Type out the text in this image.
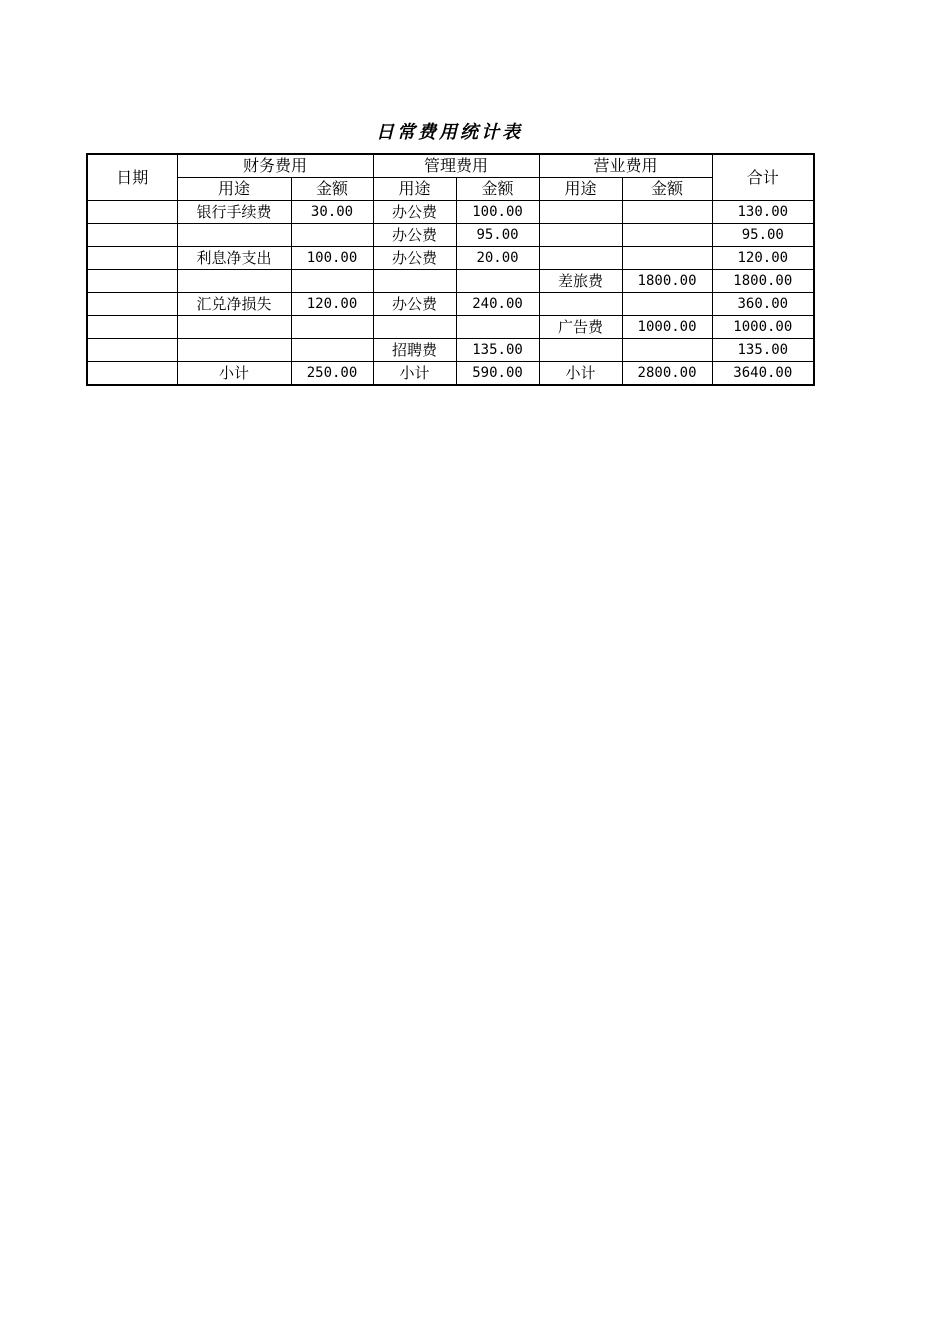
日常费用统计表
日期	财务费用		管理费用		营业费用		合计
	用途	金额	用途	金额	用途	金额	
	银行手续费	30.00	办公费	100.00			130.00
			办公费	95.00			95.00
	利息净支出	100.00	办公费	20.00			120.00
					差旅费	1800.00	1800.00
	汇兑净损失	120.00	办公费	240.00			360.00
					广告费	1000.00	1000.00
			招聘费	135.00			135.00
	小计	250.00	小计	590.00	小计	2800.00	3640.00
